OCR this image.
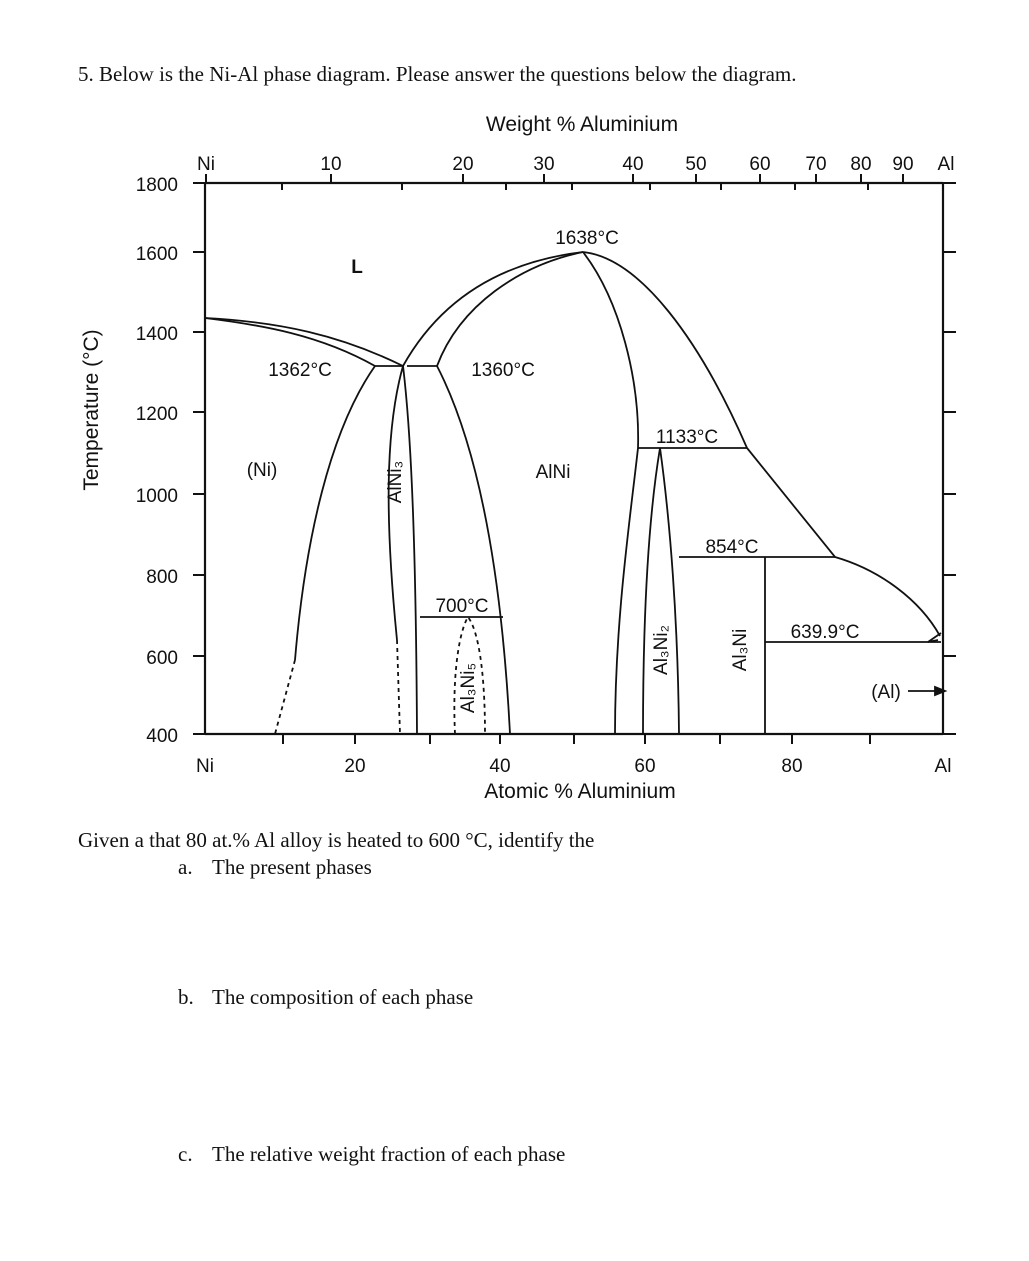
5. Below is the Ni-Al phase diagram. Please answer the questions below the diagram.
Weight % Aluminium
Atomic % Aluminium
Temperature (°C)
Ni	10	20	30	40 50 60 70 80 90 Al
Ni	20	40	60	80	Al
1800
1600
1400
1200
1000
800
600
400
1638°C
1362°C	1360°C
1133°C
854°C
700°C
639.9°C
L
(Ni)	AlNi
(Al)
AlNi₃
Al₃Ni₅
Al₃Ni₂	Al₃Ni
Given a that 80 at.% Al alloy is heated to 600 °C, identify the
a. The present phases
b. The composition of each phase
c. The relative weight fraction of each phase
